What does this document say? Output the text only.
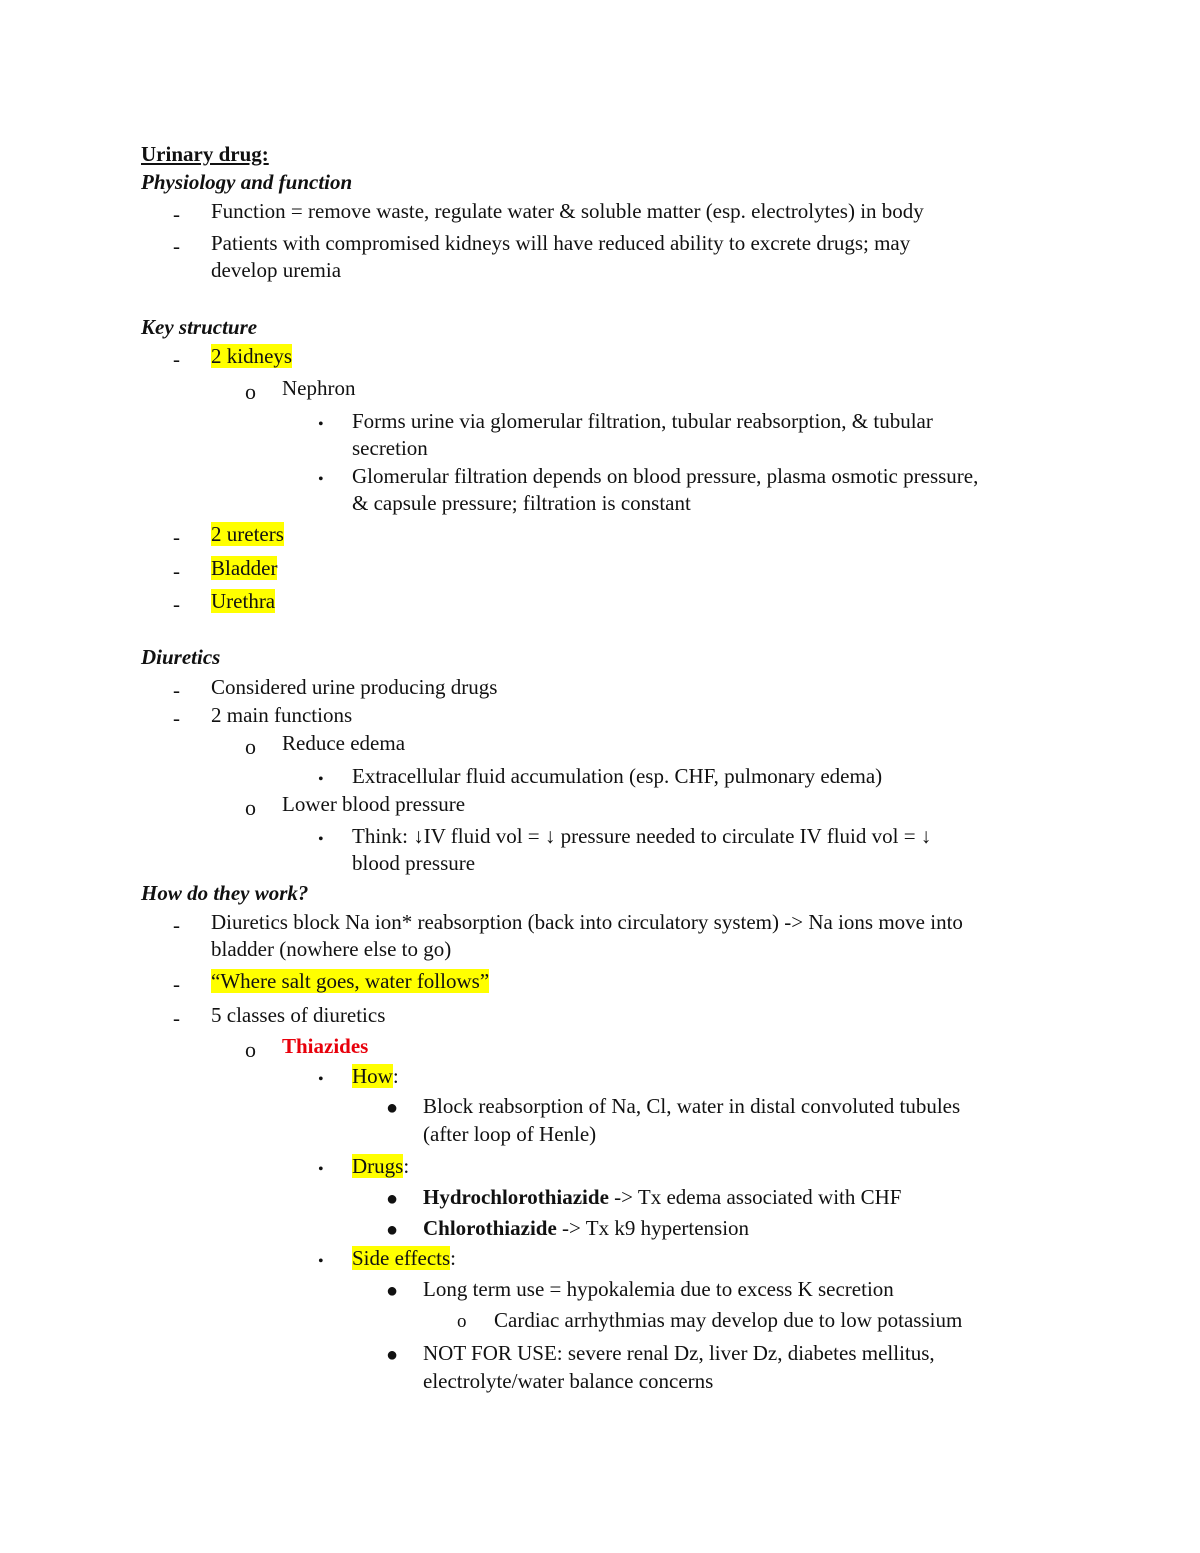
Urinary drug:
Physiology and function
- Function = remove waste, regulate water & soluble matter (esp. electrolytes) in body
- Patients with compromised kidneys will have reduced ability to excrete drugs; may
develop uremia
Key structure
- 2 kidneys
o Nephron
• Forms urine via glomerular filtration, tubular reabsorption, & tubular
secretion
• Glomerular filtration depends on blood pressure, plasma osmotic pressure,
& capsule pressure; filtration is constant
- 2 ureters
- Bladder
- Urethra
Diuretics
- Considered urine producing drugs
- 2 main functions
o Reduce edema
• Extracellular fluid accumulation (esp. CHF, pulmonary edema)
o Lower blood pressure
• Think: ↓IV fluid vol = ↓ pressure needed to circulate IV fluid vol = ↓
blood pressure
How do they work?
- Diuretics block Na ion* reabsorption (back into circulatory system) -> Na ions move into
bladder (nowhere else to go)
- “Where salt goes, water follows”
- 5 classes of diuretics
o Thiazides
• How:
● Block reabsorption of Na, Cl, water in distal convoluted tubules
(after loop of Henle)
• Drugs:
● Hydrochlorothiazide -> Tx edema associated with CHF
● Chlorothiazide -> Tx k9 hypertension
• Side effects:
● Long term use = hypokalemia due to excess K secretion
o Cardiac arrhythmias may develop due to low potassium
● NOT FOR USE: severe renal Dz, liver Dz, diabetes mellitus,
electrolyte/water balance concerns
